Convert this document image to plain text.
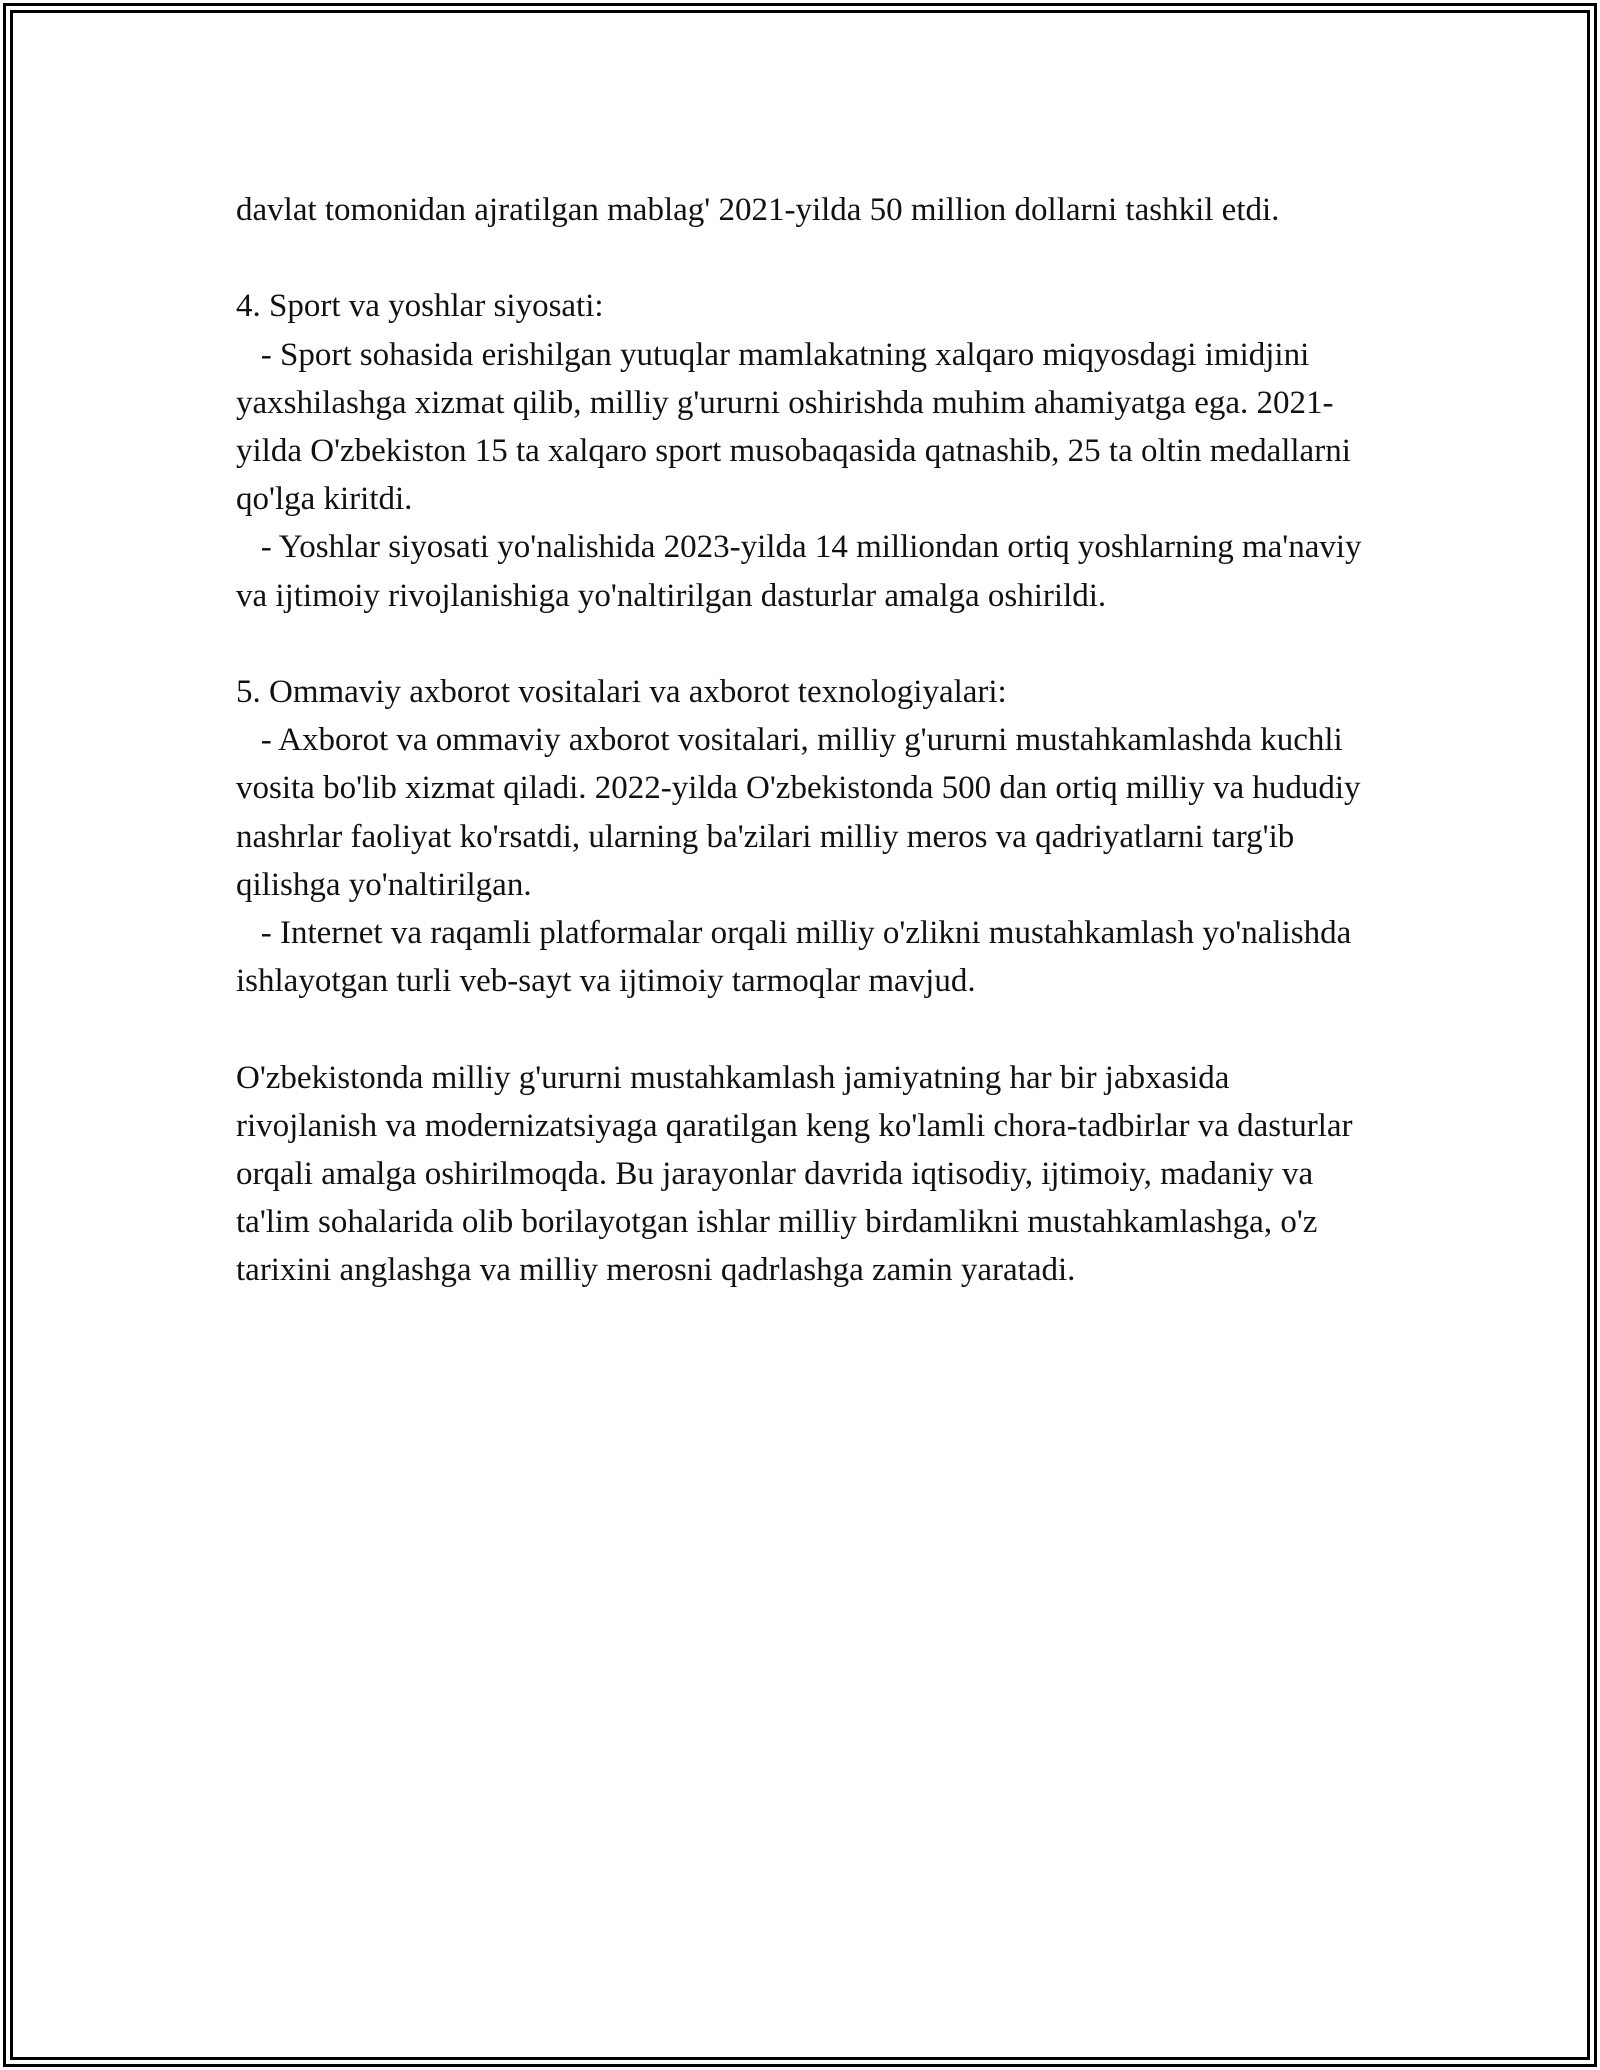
davlat tomonidan ajratilgan mablag' 2021-yilda 50 million dollarni tashkil etdi.

4. Sport va yoshlar siyosati:

- Sport sohasida erishilgan yutuqlar mamlakatning xalqaro miqyosdagi imidjini yaxshilashga xizmat qilib, milliy g'ururni oshirishda muhim ahamiyatga ega. 2021-yilda O'zbekiston 15 ta xalqaro sport musobaqasida qatnashib, 25 ta oltin medallarni qo'lga kiritdi.

- Yoshlar siyosati yo'nalishida 2023-yilda 14 milliondan ortiq yoshlarning ma'naviy va ijtimoiy rivojlanishiga yo'naltirilgan dasturlar amalga oshirildi.

5. Ommaviy axborot vositalari va axborot texnologiyalari:

- Axborot va ommaviy axborot vositalari, milliy g'ururni mustahkamlashda kuchli vosita bo'lib xizmat qiladi. 2022-yilda O'zbekistonda 500 dan ortiq milliy va hududiy nashrlar faoliyat ko'rsatdi, ularning ba'zilari milliy meros va qadriyatlarni targ'ib qilishga yo'naltirilgan.

- Internet va raqamli platformalar orqali milliy o'zlikni mustahkamlash yo'nalishda ishlayotgan turli veb-sayt va ijtimoiy tarmoqlar mavjud.

O'zbekistonda milliy g'ururni mustahkamlash jamiyatning har bir jabxasida rivojlanish va modernizatsiyaga qaratilgan keng ko'lamli chora-tadbirlar va dasturlar orqali amalga oshirilmoqda. Bu jarayonlar davrida iqtisodiy, ijtimoiy, madaniy va ta'lim sohalarida olib borilayotgan ishlar milliy birdamlikni mustahkamlashga, o'z tarixini anglashga va milliy merosni qadrlashga zamin yaratadi.
